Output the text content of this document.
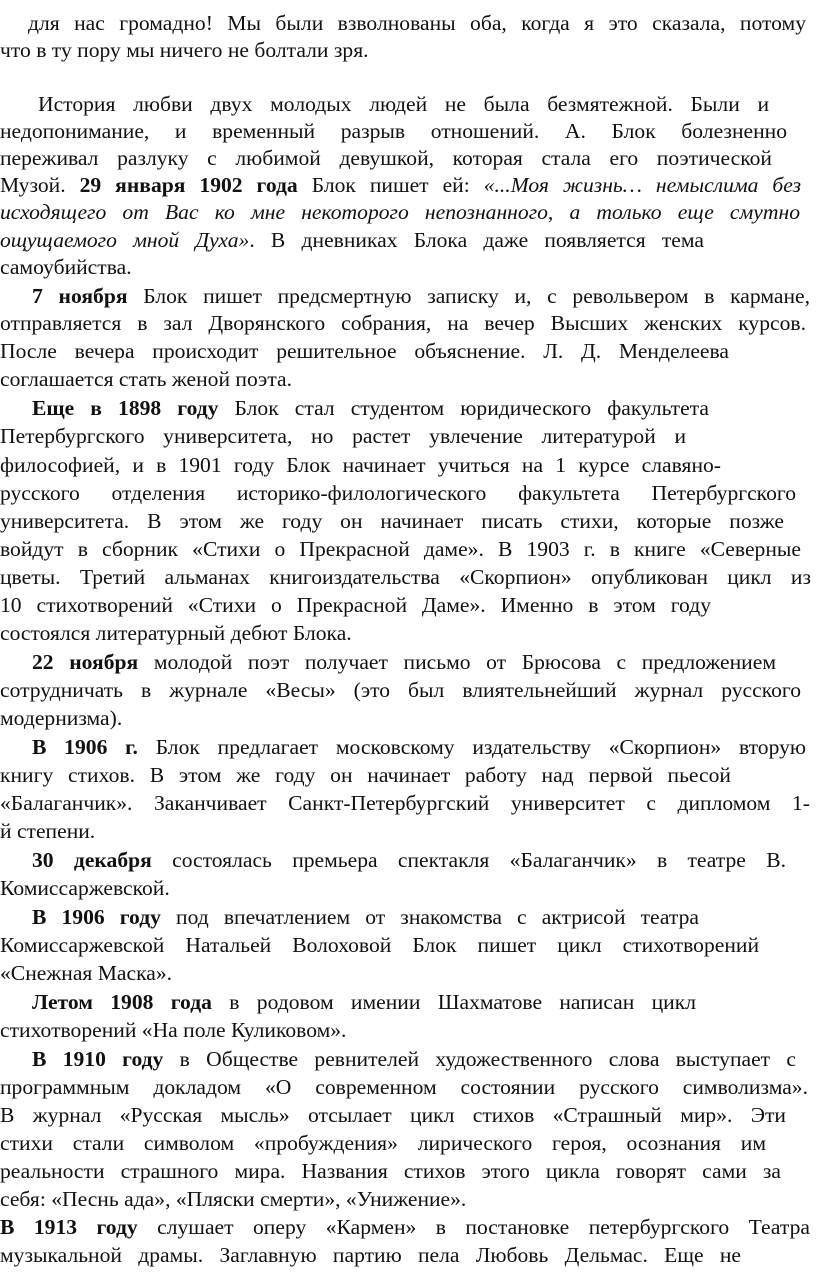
для нас громадно! Мы были взволнованы оба, когда я это сказала, потому
что в ту пору мы ничего не болтали зря.
История любви двух молодых людей не была безмятежной. Были и
недопонимание, и временный разрыв отношений. А. Блок болезненно
переживал разлуку с любимой девушкой, которая стала его поэтической
Музой. 29 января 1902 года Блок пишет ей: «...Моя жизнь… немыслима без
исходящего от Вас ко мне некоторого непознанного, а только еще смутно
ощущаемого мной Духа». В дневниках Блока даже появляется тема
самоубийства.
7 ноября Блок пишет предсмертную записку и, с револьвером в кармане,
отправляется в зал Дворянского собрания, на вечер Высших женских курсов.
После вечера происходит решительное объяснение. Л. Д. Менделеева
соглашается стать женой поэта.
Еще в 1898 году Блок стал студентом юридического факультета
Петербургского университета, но растет увлечение литературой и
философией, и в 1901 году Блок начинает учиться на 1 курсе славяно-
русского отделения историко-филологического факультета Петербургского
университета. В этом же году он начинает писать стихи, которые позже
войдут в сборник «Стихи о Прекрасной даме». В 1903 г. в книге «Северные
цветы. Третий альманах книгоиздательства «Скорпион» опубликован цикл из
10 стихотворений «Стихи о Прекрасной Даме». Именно в этом году
состоялся литературный дебют Блока.
22 ноября молодой поэт получает письмо от Брюсова с предложением
сотрудничать в журнале «Весы» (это был влиятельнейший журнал русского
модернизма).
В 1906 г. Блок предлагает московскому издательству «Скорпион» вторую
книгу стихов. В этом же году он начинает работу над первой пьесой
«Балаганчик». Заканчивает Санкт-Петербургский университет с дипломом 1-
й степени.
30 декабря состоялась премьера спектакля «Балаганчик» в театре В.
Комиссаржевской.
В 1906 году под впечатлением от знакомства с актрисой театра
Комиссаржевской Натальей Волоховой Блок пишет цикл стихотворений
«Снежная Маска».
Летом 1908 года в родовом имении Шахматове написан цикл
стихотворений «На поле Куликовом».
В 1910 году в Обществе ревнителей художественного слова выступает с
программным докладом «О современном состоянии русского символизма».
В журнал «Русская мысль» отсылает цикл стихов «Страшный мир». Эти
стихи стали символом «пробуждения» лирического героя, осознания им
реальности страшного мира. Названия стихов этого цикла говорят сами за
себя: «Песнь ада», «Пляски смерти», «Унижение».
В 1913 году слушает оперу «Кармен» в постановке петербургского Театра
музыкальной драмы. Заглавную партию пела Любовь Дельмас. Еще не
